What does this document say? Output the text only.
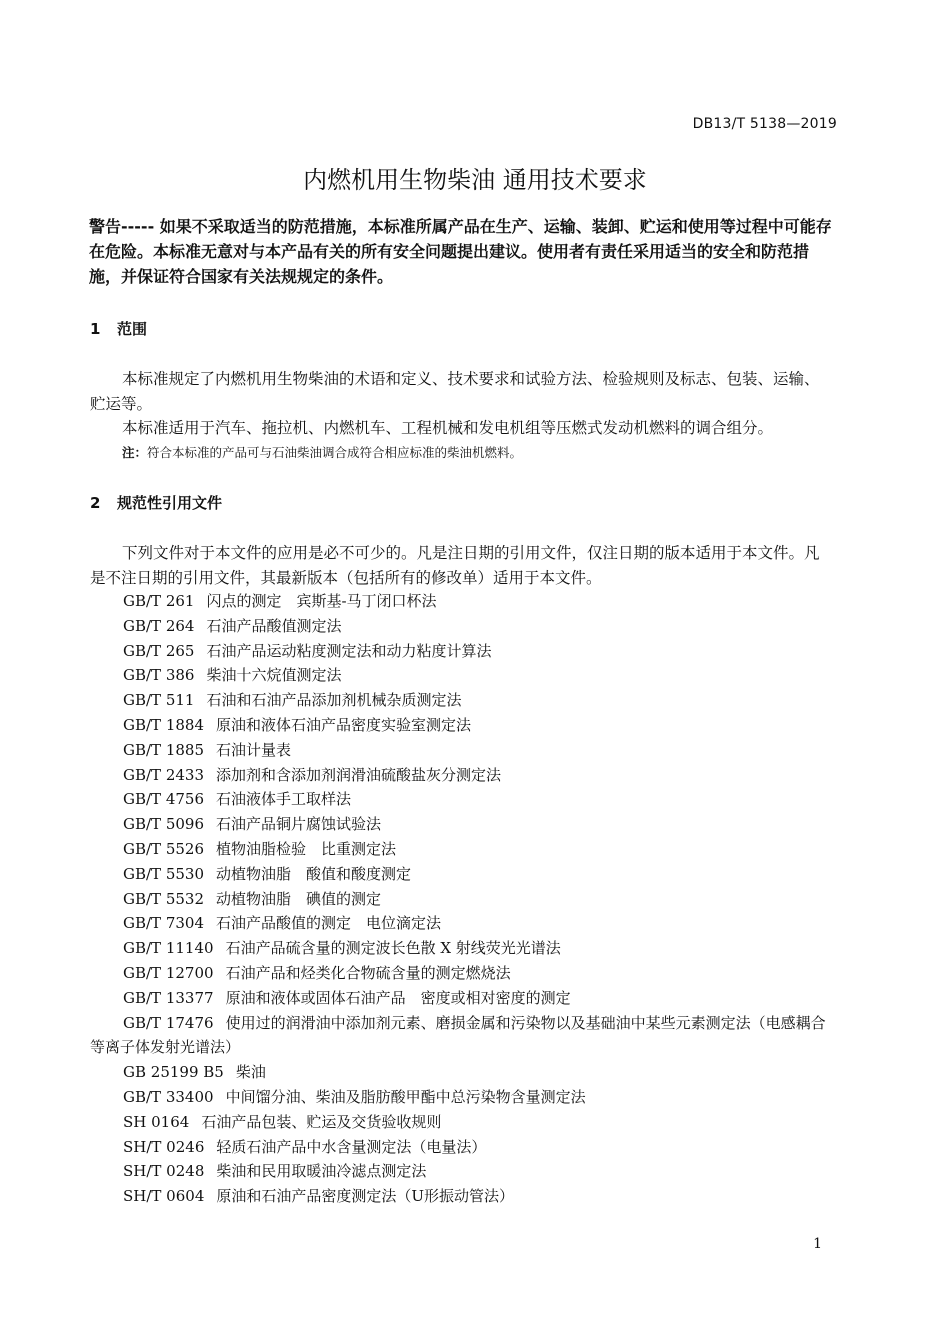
DB13/T 5138—2019
内燃机用生物柴油 通用技术要求

警告----- 如果不采取适当的防范措施，本标准所属产品在生产、运输、装卸、贮运和使用等过程中可能存在危险。本标准无意对与本产品有关的所有安全问题提出建议。使用者有责任采用适当的安全和防范措施，并保证符合国家有关法规规定的条件。

1 范围

本标准规定了内燃机用生物柴油的术语和定义、技术要求和试验方法、检验规则及标志、包装、运输、贮运等。

本标准适用于汽车、拖拉机、内燃机车、工程机械和发电机组等压燃式发动机燃料的调合组分。

注：符合本标准的产品可与石油柴油调合成符合相应标准的柴油机燃料。

2 规范性引用文件

下列文件对于本文件的应用是必不可少的。凡是注日期的引用文件，仅注日期的版本适用于本文件。凡是不注日期的引用文件，其最新版本（包括所有的修改单）适用于本文件。

GB/T 261 闪点的测定　宾斯基-马丁闭口杯法
GB/T 264 石油产品酸值测定法
GB/T 265 石油产品运动粘度测定法和动力粘度计算法
GB/T 386 柴油十六烷值测定法
GB/T 511 石油和石油产品添加剂机械杂质测定法
GB/T 1884 原油和液体石油产品密度实验室测定法
GB/T 1885 石油计量表
GB/T 2433 添加剂和含添加剂润滑油硫酸盐灰分测定法
GB/T 4756 石油液体手工取样法
GB/T 5096 石油产品铜片腐蚀试验法
GB/T 5526 植物油脂检验　比重测定法
GB/T 5530 动植物油脂　酸值和酸度测定
GB/T 5532 动植物油脂　碘值的测定
GB/T 7304 石油产品酸值的测定　电位滴定法
GB/T 11140 石油产品硫含量的测定波长色散 X 射线荧光光谱法
GB/T 12700 石油产品和烃类化合物硫含量的测定燃烧法
GB/T 13377 原油和液体或固体石油产品　密度或相对密度的测定
GB/T 17476 使用过的润滑油中添加剂元素、磨损金属和污染物以及基础油中某些元素测定法（电感耦合等离子体发射光谱法）
GB 25199 B5 柴油
GB/T 33400 中间馏分油、柴油及脂肪酸甲酯中总污染物含量测定法
SH 0164 石油产品包装、贮运及交货验收规则
SH/T 0246 轻质石油产品中水含量测定法（电量法）
SH/T 0248 柴油和民用取暖油冷滤点测定法
SH/T 0604 原油和石油产品密度测定法（U形振动管法）
1
